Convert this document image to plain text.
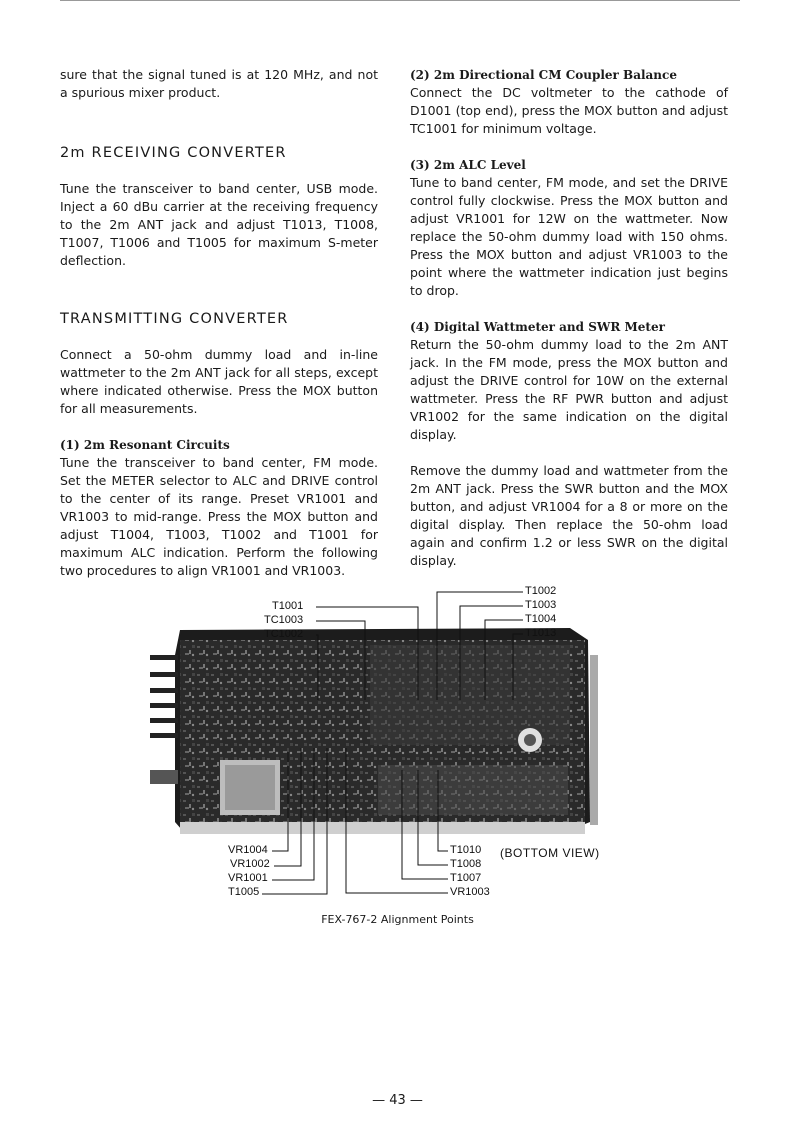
sure that the signal tuned is at 120 MHz, and not a spurious mixer product.

2m RECEIVING CONVERTER

Tune the transceiver to band center, USB mode. Inject a 60 dBu carrier at the receiving frequency to the 2m ANT jack and adjust T1013, T1008, T1007, T1006 and T1005 for maximum S-meter deflection.

TRANSMITTING CONVERTER

Connect a 50-ohm dummy load and in-line wattmeter to the 2m ANT jack for all steps, except where indicated otherwise. Press the MOX button for all measurements.

(1) 2m Resonant Circuits

Tune the transceiver to band center, FM mode. Set the METER selector to ALC and DRIVE control to the center of its range. Preset VR1001 and VR1003 to mid-range. Press the MOX button and adjust T1004, T1003, T1002 and T1001 for maximum ALC indication. Perform the following two procedures to align VR1001 and VR1003.

(2) 2m Directional CM Coupler Balance

Connect the DC voltmeter to the cathode of D1001 (top end), press the MOX button and adjust TC1001 for minimum voltage.

(3) 2m ALC Level

Tune to band center, FM mode, and set the DRIVE control fully clockwise. Press the MOX button and adjust VR1001 for 12W on the wattmeter. Now replace the 50-ohm dummy load with 150 ohms. Press the MOX button and adjust VR1003 to the point where the wattmeter indication just begins to drop.

(4) Digital Wattmeter and SWR Meter

Return the 50-ohm dummy load to the 2m ANT jack. In the FM mode, press the MOX button and adjust the DRIVE control for 10W on the external wattmeter. Press the RF PWR button and adjust VR1002 for the same indication on the digital display.

Remove the dummy load and wattmeter from the 2m ANT jack. Press the SWR button and the MOX button, and adjust VR1004 for a 8 or more on the digital display. Then replace the 50-ohm load again and confirm 1.2 or less SWR on the digital display.

T1001
TC1003
TC1002
T1002
T1003
T1004
T1013
VR1004
VR1002
VR1001
T1005
T1010
T1008
T1007
VR1003
(BOTTOM VIEW)
FEX-767-2 Alignment Points
— 43 —
